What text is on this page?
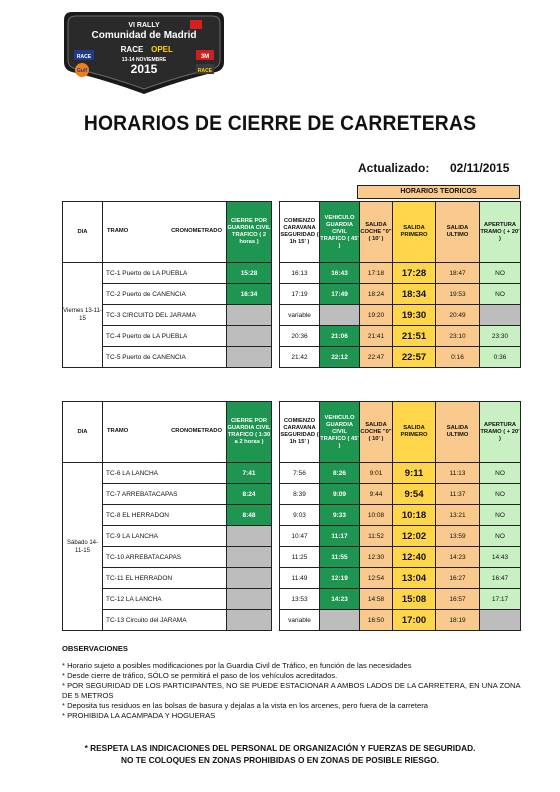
VI RALLY
Comunidad de Madrid
RACE OPEL
13-14 NOVIEMBRE
2015
RACE
Gulf
3M
RACE
HORARIOS DE CIERRE DE CARRETERAS
Actualizado: 02/11/2015
HORARIOS TEORICOS
DIA	TRAMO CRONOMETRADO	CIERRE POR GUARDIA CIVIL TRAFICO ( 2 horas )		COMIENZO CARAVANA SEGURIDAD ( 1h 15' )	VEHICULO GUARDIA CIVIL TRAFICO ( 45' )	SALIDA COCHE "0" ( 10' )	SALIDA PRIMERO	SALIDA ULTIMO	APERTURA TRAMO ( + 20' )
Viernes 13-11-15	TC-1 Puerto de LA PUEBLA	15:28		16:13	16:43	17:18	17:28	18:47	NO
	TC-2 Puerto de CANENCIA	16:34		17:19	17:49	18:24	18:34	19:53	NO
	TC-3 CIRCUITO DEL JARAMA			variable		19:20	19:30	20:49	
	TC-4 Puerto de LA PUEBLA			20:36	21:06	21:41	21:51	23:10	23:30
	TC-5 Puerto de CANENCIA			21:42	22:12	22:47	22:57	0:16	0:36
DIA	TRAMO CRONOMETRADO	CIERRE POR GUARDIA CIVIL TRAFICO ( 1:30 a 2 horas )		COMIENZO CARAVANA SEGURIDAD ( 1h 15' )	VEHICULO GUARDIA CIVIL TRAFICO ( 45' )	SALIDA COCHE "0" ( 10' )	SALIDA PRIMERO	SALIDA ULTIMO	APERTURA TRAMO ( + 20' )
Sábado 14-11-15	TC-6 LA LANCHA	7:41		7:56	8:26	9:01	9:11	11:13	NO
	TC-7 ARREBATACAPAS	8:24		8:39	9:09	9:44	9:54	11:37	NO
	TC-8 EL HERRADON	8:48		9:03	9:33	10:08	10:18	13:21	NO
	TC-9 LA LANCHA			10:47	11:17	11:52	12:02	13:59	NO
	TC-10 ARREBATACAPAS			11:25	11:55	12:30	12:40	14:23	14:43
	TC-11 EL HERRADON			11:49	12:19	12:54	13:04	16:27	16:47
	TC-12 LA LANCHA			13:53	14:23	14:58	15:08	16:57	17:17
	TC-13 Circuito del JARAMA			variable		16:50	17:00	18:19	
OBSERVACIONES
* Horario sujeto a posibles modificaciones por la Guardia Civil de Tráfico, en función de las necesidades
* Desde cierre de tráfico, SÓLO se permitirá el paso de los vehículos acreditados.
* POR SEGURIDAD DE LOS PARTICIPANTES, NO SE PUEDE ESTACIONAR A AMBOS LADOS DE LA CARRETERA, EN UNA ZONA DE 5 METROS
* Deposita tus residuos en las bolsas de basura y dejalas a la vista en los arcenes, pero fuera de la carretera
* PROHIBIDA LA ACAMPADA Y HOGUERAS
* RESPETA LAS INDICACIONES DEL PERSONAL DE ORGANIZACIÓN Y FUERZAS DE SEGURIDAD.
NO TE COLOQUES EN ZONAS PROHIBIDAS O EN ZONAS DE POSIBLE RIESGO.
